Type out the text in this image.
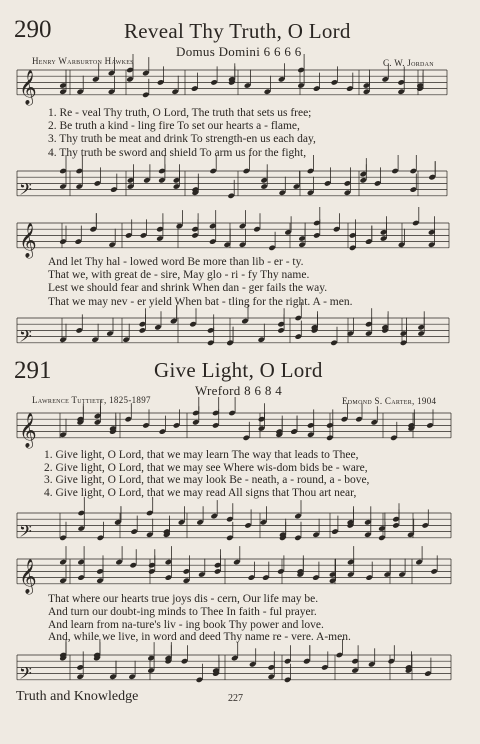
290	Reveal Thy Truth, O Lord
Domus Domini 6 6 6 6
Henry Warburton Hawkes	C. W. Jordan
𝄞
𝄢
𝄞
𝄢
𝄞
𝄢
𝄞
𝄢
1. Re - veal Thy truth, O Lord, The truth that sets us free;
2. Be truth a kind - ling fire To set our hearts a - flame,
3. Thy truth be meat and drink To strength-en us each day,
4. Thy truth be sword and shield To arm us for the fight,
And let Thy hal - lowed word Be more than lib - er - ty.
That we, with great de - sire, May glo - ri - fy Thy name.
Lest we should fear and shrink When dan - ger fails the way.
That we may nev - er yield When bat - tling for the right. A - men.
291	Give Light, O Lord
Wreford 8 6 8 4
Lawrence Tuttiett, 1825-1897	Edmond S. Carter, 1904
1. Give light, O Lord, that we may learn The way that leads to Thee,
2. Give light, O Lord, that we may see Where wis-dom bids be - ware,
3. Give light, O Lord, that we may look Be - neath, a - round, a - bove,
4. Give light, O Lord, that we may read All signs that Thou art near,
That where our hearts true joys dis - cern, Our life may be.
And turn our doubt-ing minds to Thee In faith - ful prayer.
And learn from na-ture's liv - ing book Thy power and love.
And, while we live, in word and deed Thy name re - vere. A-men.
Truth and Knowledge	227
